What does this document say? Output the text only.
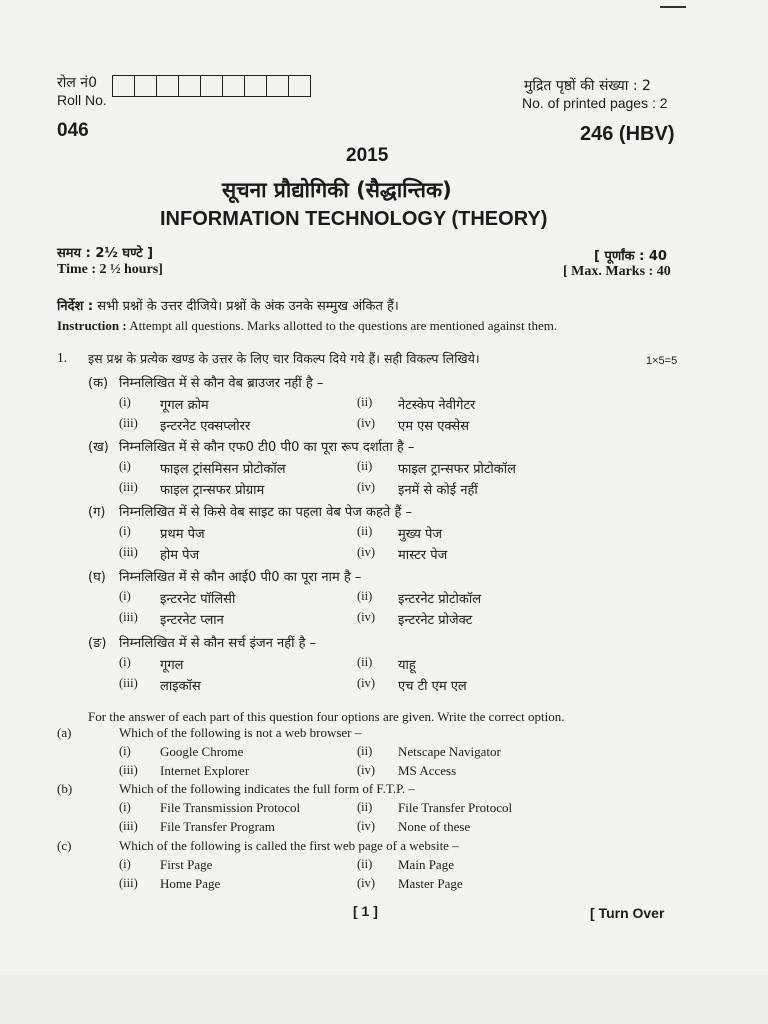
रोल नं0
Roll No.
मुद्रित पृष्ठों की संख्या : 2
No. of printed pages : 2
046	246 (HBV)
2015
सूचना प्रौद्योगिकी (सैद्धान्तिक)
INFORMATION TECHNOLOGY (THEORY)
समय : 2½ घण्टे ]
Time : 2 ½ hours]
[ पूर्णांक : 40
[ Max. Marks : 40
निर्देश : सभी प्रश्नों के उत्तर दीजिये। प्रश्नों के अंक उनके सम्मुख अंकित हैं।
Instruction : Attempt all questions. Marks allotted to the questions are mentioned against them.
1. इस प्रश्न के प्रत्येक खण्ड के उत्तर के लिए चार विकल्प दिये गये हैं। सही विकल्प लिखिये।	1×5=5
(क) निम्नलिखित में से कौन वेब ब्राउजर नहीं है –
(i) गूगल क्रोम	(ii) नेटस्केप नेवीगेटर
(iii) इन्टरनेट एक्सप्लोरर	(iv) एम एस एक्सेस
(ख) निम्नलिखित में से कौन एफ0 टी0 पी0 का पूरा रूप दर्शाता है –
(i) फाइल ट्रांसमिसन प्रोटोकॉल	(ii) फाइल ट्रान्सफर प्रोटोकॉल
(iii) फाइल ट्रान्सफर प्रोग्राम	(iv) इनमें से कोई नहीं
(ग) निम्नलिखित में से किसे वेब साइट का पहला वेब पेज कहते हैं –
(i) प्रथम पेज	(ii) मुख्य पेज
(iii) होम पेज	(iv) मास्टर पेज
(घ) निम्नलिखित में से कौन आई0 पी0 का पूरा नाम है –
(i) इन्टरनेट पॉलिसी	(ii) इन्टरनेट प्रोटोकॉल
(iii) इन्टरनेट प्लान	(iv) इन्टरनेट प्रोजेक्ट
(ङ) निम्नलिखित में से कौन सर्च इंजन नहीं है –
(i) गूगल	(ii) याहू
(iii) लाइकॉस	(iv) एच टी एम एल
For the answer of each part of this question four options are given. Write the correct option.
(a)	Which of the following is not a web browser –
(i) Google Chrome	(ii) Netscape Navigator
(iii) Internet Explorer	(iv) MS Access
(b)	Which of the following indicates the full form of F.T.P. –
(i) File Transmission Protocol	(ii) File Transfer Protocol
(iii) File Transfer Program	(iv) None of these
(c)	Which of the following is called the first web page of a website –
(i) First Page	(ii) Main Page
(iii) Home Page	(iv) Master Page
[ 1 ]	[ Turn Over
